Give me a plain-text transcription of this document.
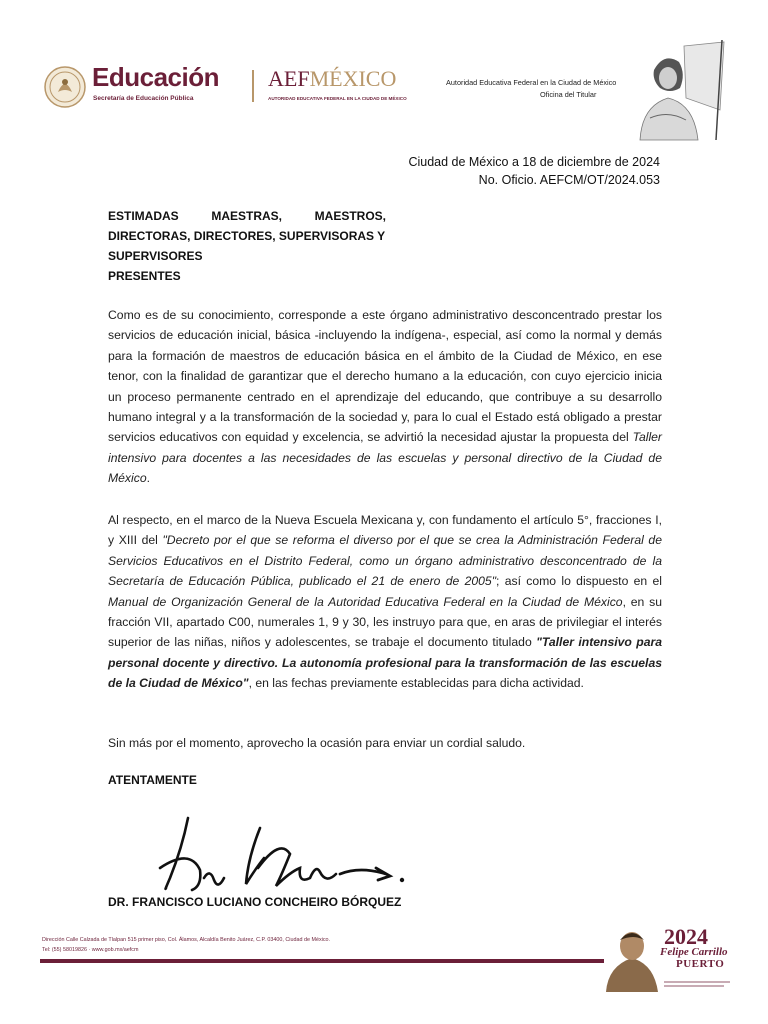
Educación
Secretaría de Educación Pública
AEFMÉXICO
AUTORIDAD EDUCATIVA FEDERAL EN LA CIUDAD DE MÉXICO
Autoridad Educativa Federal en la Ciudad de México
Oficina del Titular
Ciudad de México a 18 de diciembre de 2024
No. Oficio. AEFCM/OT/2024.053
ESTIMADAS	MAESTRAS,	MAESTROS,
DIRECTORAS, DIRECTORES, SUPERVISORAS Y
SUPERVISORES
PRESENTES
Como es de su conocimiento, corresponde a este órgano administrativo desconcentrado prestar los servicios de educación inicial, básica -incluyendo la indígena-, especial, así como la normal y demás para la formación de maestros de educación básica en el ámbito de la Ciudad de México, en ese tenor, con la finalidad de garantizar que el derecho humano a la educación, con cuyo ejercicio inicia un proceso permanente centrado en el aprendizaje del educando, que contribuye a su desarrollo humano integral y a la transformación de la sociedad y, para lo cual el Estado está obligado a prestar servicios educativos con equidad y excelencia, se advirtió la necesidad ajustar la propuesta del Taller intensivo para docentes a las necesidades de las escuelas y personal directivo de la Ciudad de México.
Al respecto, en el marco de la Nueva Escuela Mexicana y, con fundamento el artículo 5°, fracciones I, y XIII del "Decreto por el que se reforma el diverso por el que se crea la Administración Federal de Servicios Educativos en el Distrito Federal, como un órgano administrativo desconcentrado de la Secretaría de Educación Pública, publicado el 21 de enero de 2005"; así como lo dispuesto en el Manual de Organización General de la Autoridad Educativa Federal en la Ciudad de México, en su fracción VII, apartado C00, numerales 1, 9 y 30, les instruyo para que, en aras de privilegiar el interés superior de las niñas, niños y adolescentes, se trabaje el documento titulado "Taller intensivo para personal docente y directivo. La autonomía profesional para la transformación de las escuelas de la Ciudad de México", en las fechas previamente establecidas para dicha actividad.
Sin más por el momento, aprovecho la ocasión para enviar un cordial saludo.
ATENTAMENTE
DR. FRANCISCO LUCIANO CONCHEIRO BÓRQUEZ
Dirección Calle Calzada de Tlalpan 515 primer piso, Col. Álamos, Alcaldía Benito Juárez, C.P. 03400, Ciudad de México.
Tel: (55) 58019826 · www.gob.mx/aefcm
2024
Felipe Carrillo
PUERTO
